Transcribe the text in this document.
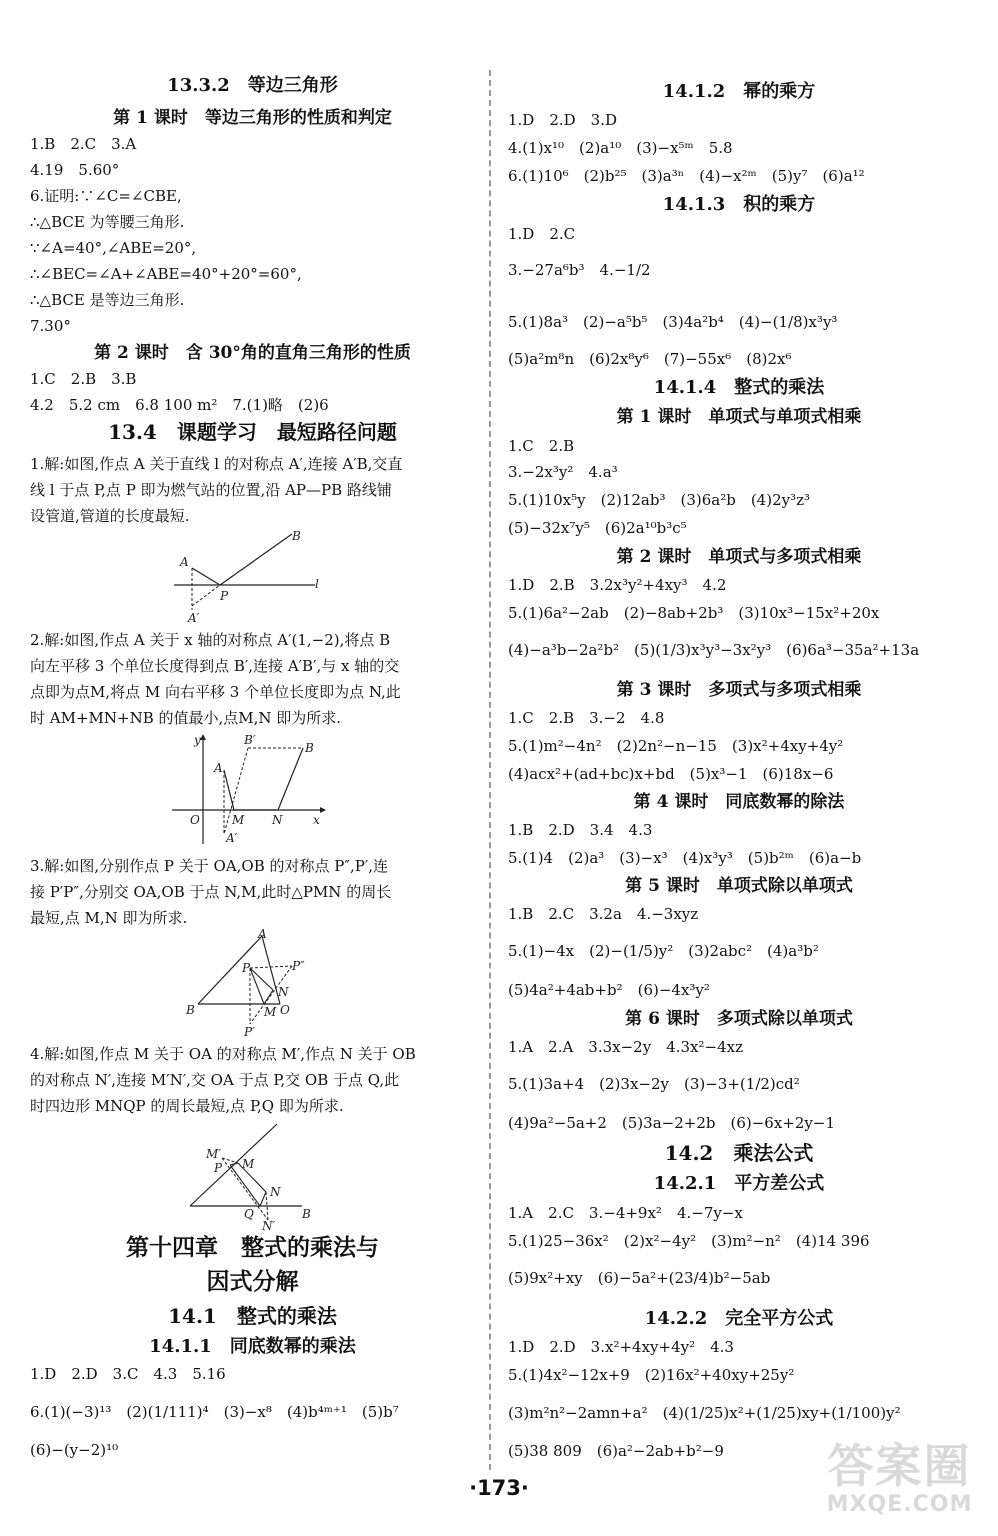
13.3.2　等边三角形
第 1 课时　等边三角形的性质和判定
1.B　2.C　3.A
4.19　5.60°
6.证明:∵∠C=∠CBE,
∴△BCE 为等腰三角形.
∵∠A=40°,∠ABE=20°,
∴∠BEC=∠A+∠ABE=40°+20°=60°,
∴△BCE 是等边三角形.
7.30°
第 2 课时　含 30°角的直角三角形的性质
1.C　2.B　3.B
4.2　5.2 cm　6.8 100 m²　7.(1)略　(2)6
13.4　课题学习　最短路径问题
1.解:如图,作点 A 关于直线 l 的对称点 A′,连接 A′B,交直
线 l 于点 P,点 P 即为燃气站的位置,沿 AP—PB 路线铺
设管道,管道的长度最短.
2.解:如图,作点 A 关于 x 轴的对称点 A′(1,−2),将点 B
向左平移 3 个单位长度得到点 B′,连接 A′B′,与 x 轴的交
点即为点M,将点 M 向右平移 3 个单位长度即为点 N,此
时 AM+MN+NB 的值最小,点M,N 即为所求.
3.解:如图,分别作点 P 关于 OA,OB 的对称点 P″,P′,连
接 P′P″,分别交 OA,OB 于点 N,M,此时△PMN 的周长
最短,点 M,N 即为所求.
4.解:如图,作点 M 关于 OA 的对称点 M′,作点 N 关于 OB
的对称点 N′,连接 M′N′,交 OA 于点 P,交 OB 于点 Q,此
时四边形 MNQP 的周长最短,点 P,Q 即为所求.
第十四章　整式的乘法与
因式分解
14.1　整式的乘法
14.1.1　同底数幂的乘法
1.D　2.D　3.C　4.3　5.16
6.(1)(−3)¹³　(2)(1/111)⁴　(3)−x⁸　(4)b⁴ᵐ⁺¹　(5)b⁷
(6)−(y−2)¹⁰
14.1.2　幂的乘方
1.D　2.D　3.D
4.(1)x¹⁰　(2)a¹⁰　(3)−x⁵ᵐ　5.8
6.(1)10⁶　(2)b²⁵　(3)a³ⁿ　(4)−x²ᵐ　(5)y⁷　(6)a¹²
14.1.3　积的乘方
1.D　2.C
3.−27a⁶b³　4.−1/2
5.(1)8a³　(2)−a⁵b⁵　(3)4a²b⁴　(4)−(1/8)x³y³
(5)a²m⁸n　(6)2x⁸y⁶　(7)−55x⁶　(8)2x⁶
14.1.4　整式的乘法
第 1 课时　单项式与单项式相乘
1.C　2.B
3.−2x³y²　4.a³
5.(1)10x⁵y　(2)12ab³　(3)6a²b　(4)2y³z³
(5)−32x⁷y⁵　(6)2a¹⁰b³c⁵
第 2 课时　单项式与多项式相乘
1.D　2.B　3.2x³y²+4xy³　4.2
5.(1)6a²−2ab　(2)−8ab+2b³　(3)10x³−15x²+20x
(4)−a³b−2a²b²　(5)(1/3)x³y³−3x²y³　(6)6a³−35a²+13a
第 3 课时　多项式与多项式相乘
1.C　2.B　3.−2　4.8
5.(1)m²−4n²　(2)2n²−n−15　(3)x²+4xy+4y²
(4)acx²+(ad+bc)x+bd　(5)x³−1　(6)18x−6
第 4 课时　同底数幂的除法
1.B　2.D　3.4　4.3
5.(1)4　(2)a³　(3)−x³　(4)x³y³　(5)b²ᵐ　(6)a−b
第 5 课时　单项式除以单项式
1.B　2.C　3.2a　4.−3xyz
5.(1)−4x　(2)−(1/5)y²　(3)2abc²　(4)a³b²
(5)4a²+4ab+b²　(6)−4x³y²
第 6 课时　多项式除以单项式
1.A　2.A　3.3x−2y　4.3x²−4xz
5.(1)3a+4　(2)3x−2y　(3)−3+(1/2)cd²
(4)9a²−5a+2　(5)3a−2+2b　(6)−6x+2y−1
14.2　乘法公式
14.2.1　平方差公式
1.A　2.C　3.−4+9x²　4.−7y−x
5.(1)25−36x²　(2)x²−4y²　(3)m²−n²　(4)14 396
(5)9x²+xy　(6)−5a²+(23/4)b²−5ab
14.2.2　完全平方公式
1.D　2.D　3.x²+4xy+4y²　4.3
5.(1)4x²−12x+9　(2)16x²+40xy+25y²
(3)m²n²−2amn+a²　(4)(1/25)x²+(1/25)xy+(1/100)y²
(5)38 809　(6)a²−2ab+b²−9
A
B
P
l
A′
y	B′
B
A
O	M N	x
A′
A
P″
P
N
B	M O
P′
M′
P M
N
Q	B
N′
·173·	答案圈
MXQE.COM
